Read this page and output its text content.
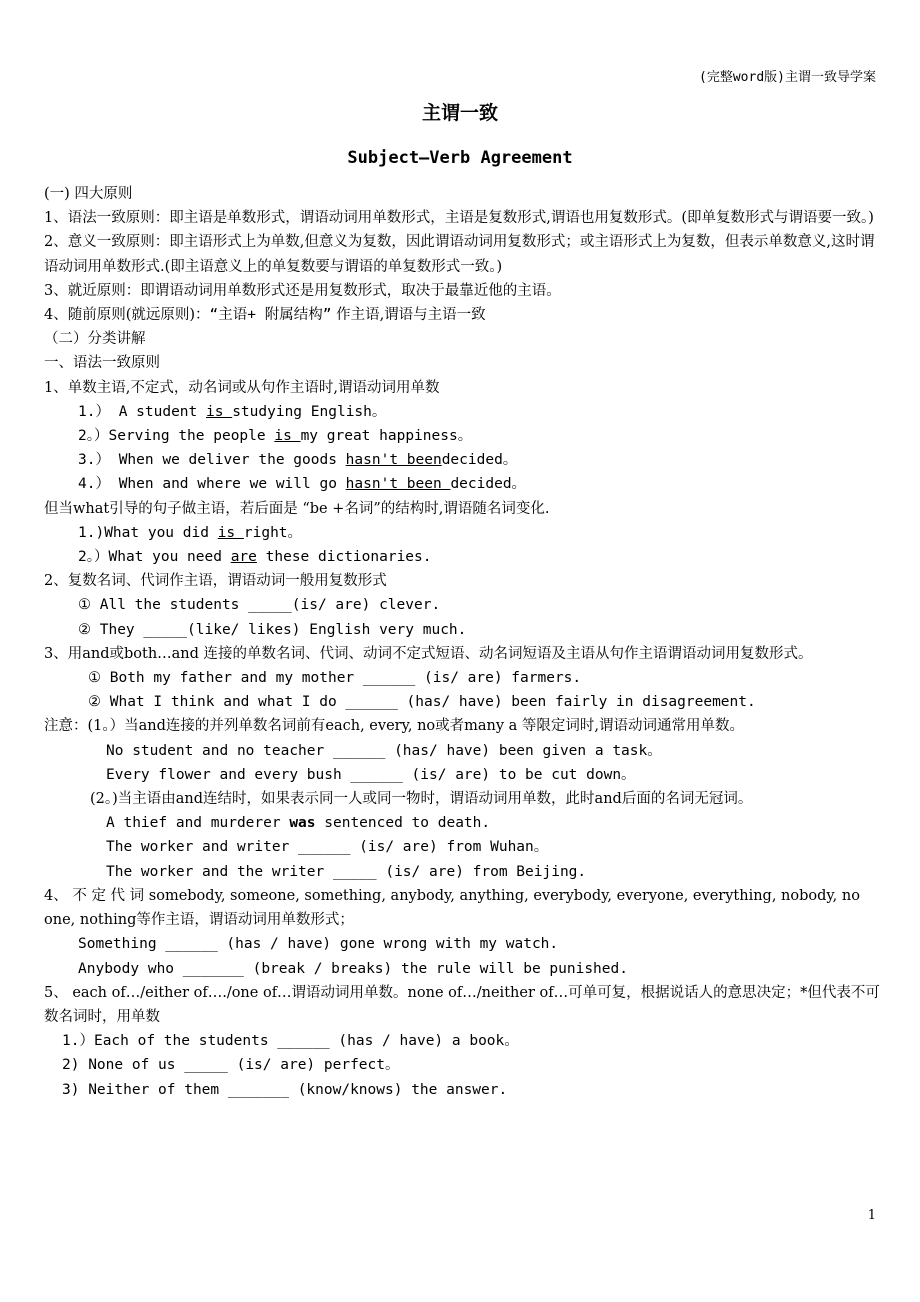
(完整word版)主谓一致导学案
主谓一致
Subject—Verb Agreement
(一) 四大原则
1、语法一致原则：即主语是单数形式，谓语动词用单数形式，主语是复数形式,谓语也用复数形式。(即单复数形式与谓语要一致。)
2、意义一致原则：即主语形式上为单数,但意义为复数，因此谓语动词用复数形式；或主语形式上为复数，但表示单数意义,这时谓语动词用单数形式.(即主语意义上的单复数要与谓语的单复数形式一致。)
3、就近原则：即谓语动词用单数形式还是用复数形式，取决于最靠近他的主语。
4、随前原则(就远原则)：“主语+ 附属结构” 作主语,谓语与主语一致
（二）分类讲解
一、语法一致原则
1、单数主语,不定式，动名词或从句作主语时,谓语动词用单数
1.） A student is studying English。
2。）Serving the people is my great happiness。
3.） When we deliver the goods hasn't beendecided。
4.） When and where we will go hasn't been decided。
但当what引导的句子做主语，若后面是 “be +名词”的结构时,谓语随名词变化.
1.)What you did is right。
2。）What you need are these dictionaries.
2、复数名词、代词作主语，谓语动词一般用复数形式
① All the students _____(is/ are) clever.
② They _____(like/ likes) English very much.
3、用and或both…and 连接的单数名词、代词、动词不定式短语、动名词短语及主语从句作主语谓语动词用复数形式。
① Both my father and my mother ______ (is/ are) farmers.
② What I think and what I do ______ (has/ have) been fairly in disagreement.
注意：(1。）当and连接的并列单数名词前有each, every, no或者many a 等限定词时,谓语动词通常用单数。
No student and no teacher ______ (has/ have) been given a task。
Every flower and every bush ______ (is/ are) to be cut down。
(2。)当主语由and连结时，如果表示同一人或同一物时，谓语动词用单数，此时and后面的名词无冠词。
A thief and murderer was sentenced to death.
The worker and writer ______ (is/ are) from Wuhan。
The worker and the writer _____ (is/ are) from Beijing.
4、 不 定 代 词 somebody, someone, something, anybody, anything, everybody, everyone, everything, nobody, no one, nothing等作主语，谓语动词用单数形式；
Something ______ (has / have) gone wrong with my watch.
Anybody who _______ (break / breaks) the rule will be punished.
5、 each of…/either of…./one of…谓语动词用单数。none of…/neither of…可单可复，根据说话人的意思决定；*但代表不可数名词时，用单数
1.）Each of the students ______ (has / have) a book。
2) None of us _____ (is/ are) perfect。
3) Neither of them _______ (know/knows) the answer.
1
